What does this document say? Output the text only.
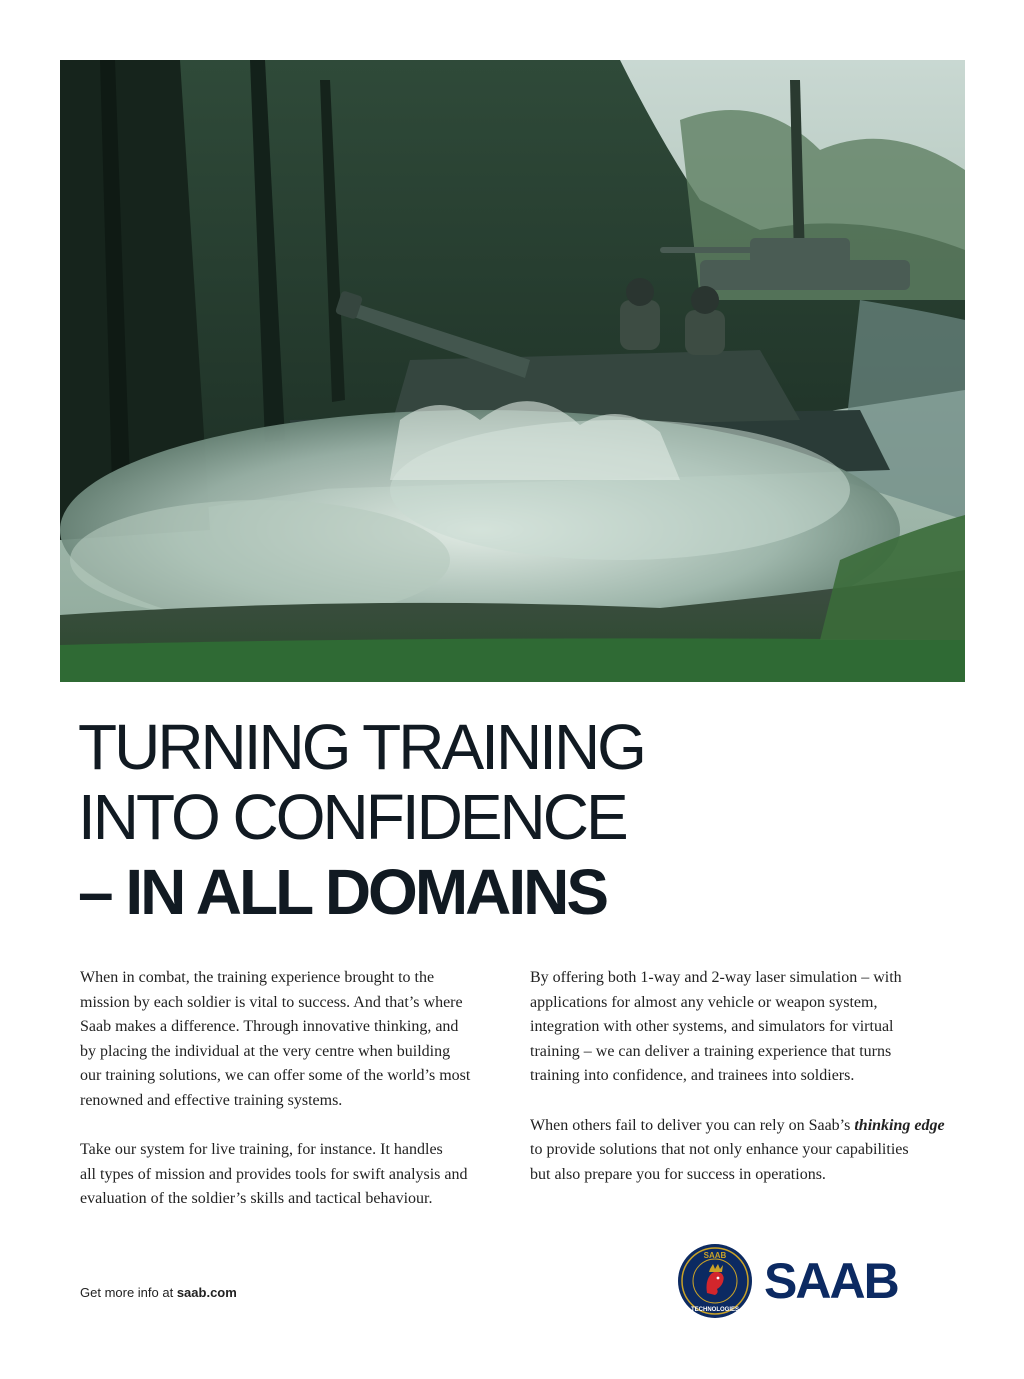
TURNING TRAINING
INTO CONFIDENCE
– IN ALL DOMAINS

When in combat, the training experience brought to the
mission by each soldier is vital to success. And that’s where
Saab makes a difference. Through innovative thinking, and
by placing the individual at the very centre when building
our training solutions, we can offer some of the world’s most
renowned and effective training systems.

Take our system for live training, for instance. It handles
all types of mission and provides tools for swift analysis and
evaluation of the soldier’s skills and tactical behaviour.

By offering both 1-way and 2-way laser simulation – with
applications for almost any vehicle or weapon system,
integration with other systems, and simulators for virtual
training – we can deliver a training experience that turns
training into confidence, and trainees into soldiers.

When others fail to deliver you can rely on Saab’s thinking edge
to provide solutions that not only enhance your capabilities
but also prepare you for success in operations.

Get more info at saab.com
SAAB
TECHNOLOGIES
SAAB
